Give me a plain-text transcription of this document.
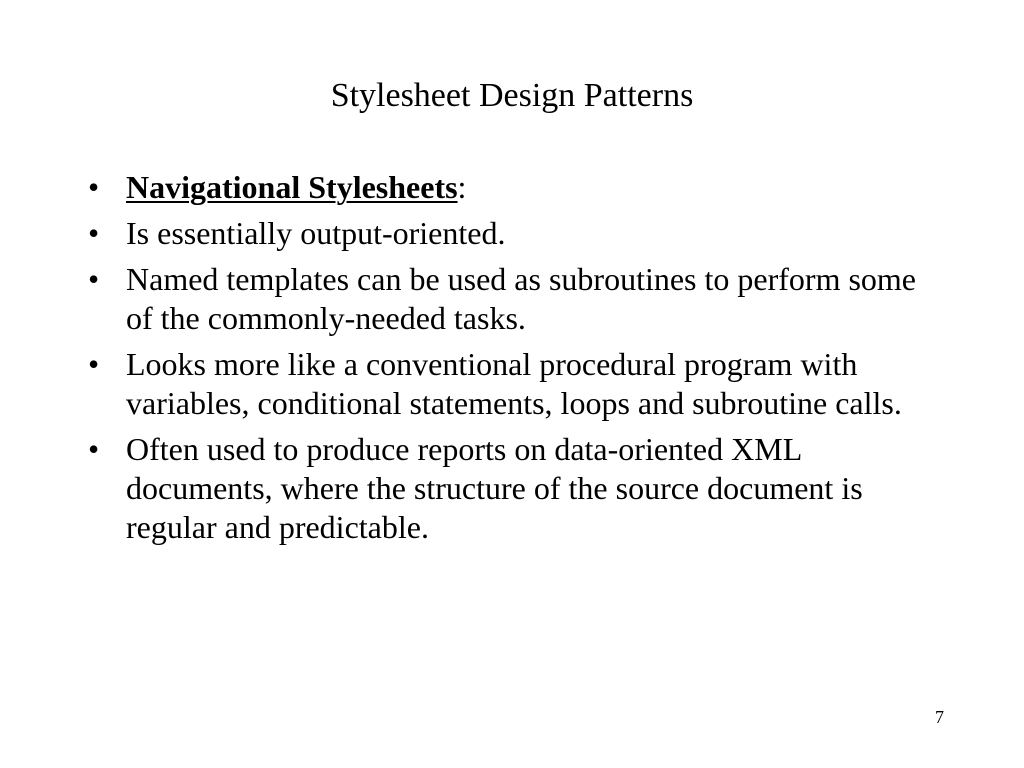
Stylesheet Design Patterns
• Navigational Stylesheets:
• Is essentially output-oriented.
• Named templates can be used as subroutines to perform some of the commonly-needed tasks.
• Looks more like a conventional procedural program with variables, conditional statements, loops and subroutine calls.
• Often used to produce reports on data-oriented XML documents, where the structure of the source document is regular and predictable.
7
